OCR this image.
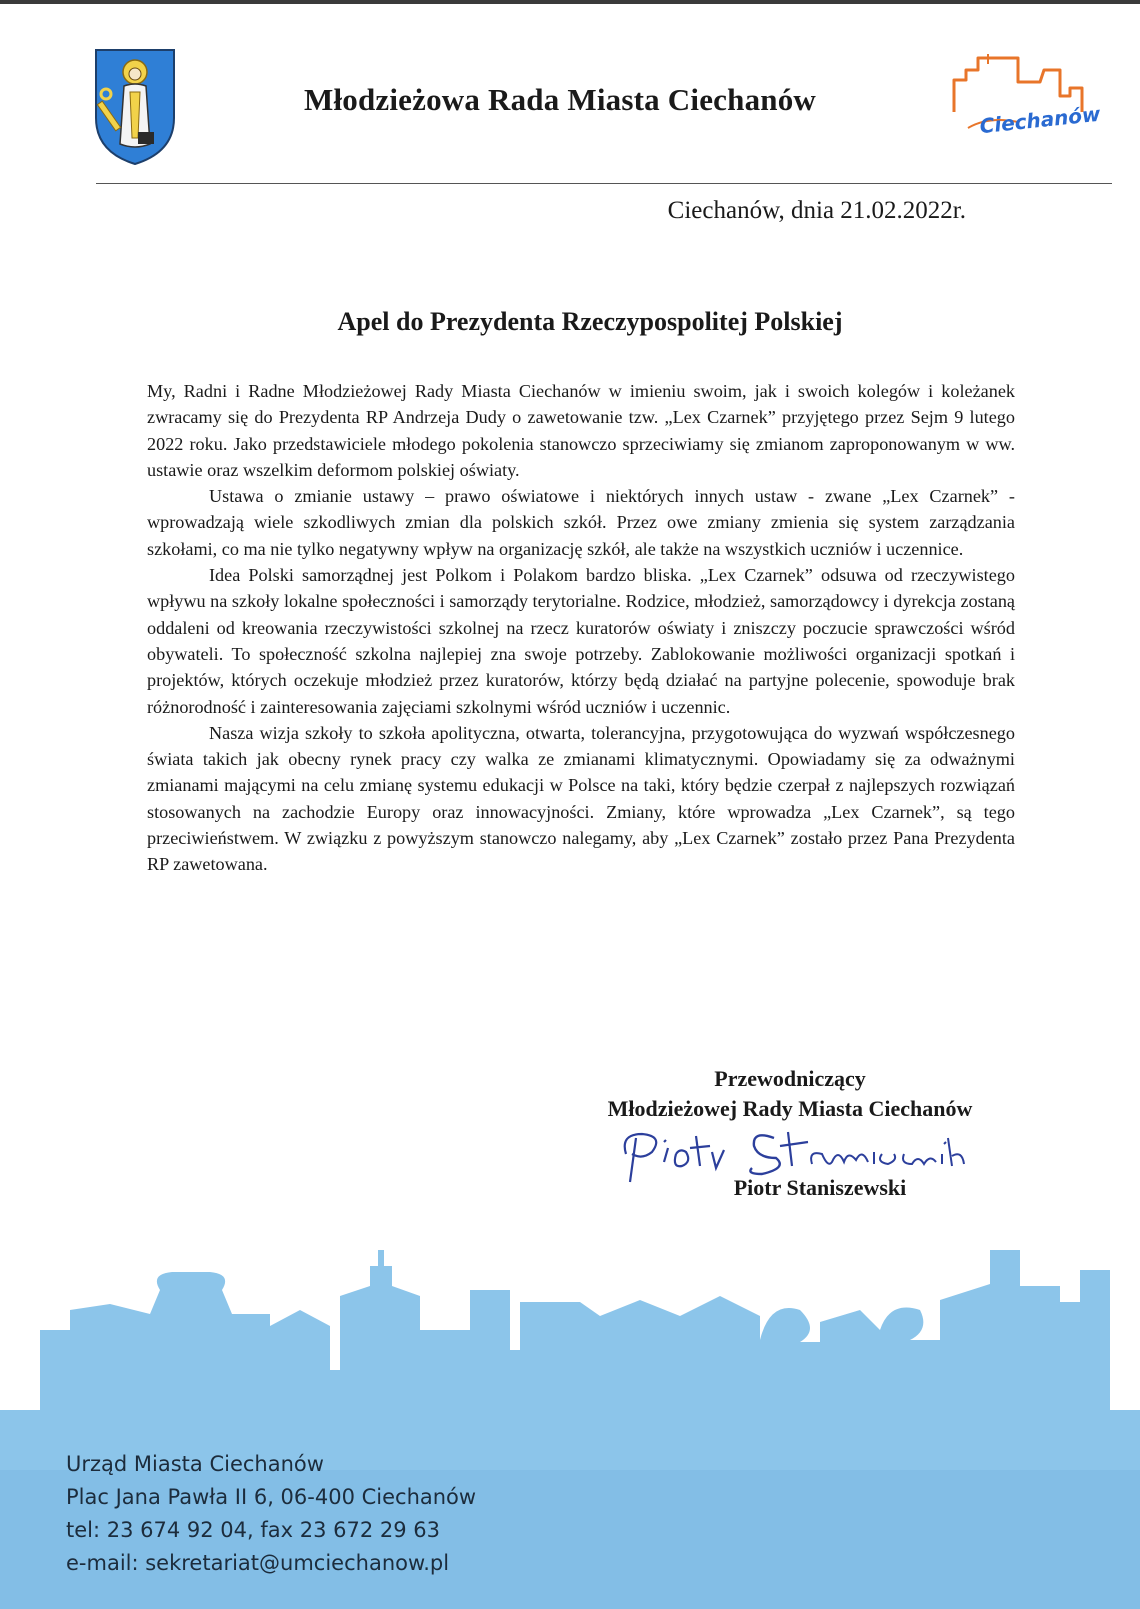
Młodzieżowa Rada Miasta Ciechanów
Ciechanów
Ciechanów, dnia 21.02.2022r.
Apel do Prezydenta Rzeczypospolitej Polskiej

My, Radni i Radne Młodzieżowej Rady Miasta Ciechanów w imieniu swoim, jak i swoich kolegów i koleżanek zwracamy się do Prezydenta RP Andrzeja Dudy o zawetowanie tzw. „Lex Czarnek” przyjętego przez Sejm 9 lutego 2022 roku. Jako przedstawiciele młodego pokolenia stanowczo sprzeciwiamy się zmianom zaproponowanym w ww. ustawie oraz wszelkim deformom polskiej oświaty.

Ustawa o zmianie ustawy – prawo oświatowe i niektórych innych ustaw - zwane „Lex Czarnek” - wprowadzają wiele szkodliwych zmian dla polskich szkół. Przez owe zmiany zmienia się system zarządzania szkołami, co ma nie tylko negatywny wpływ na organizację szkół, ale także na wszystkich uczniów i uczennice.

Idea Polski samorządnej jest Polkom i Polakom bardzo bliska. „Lex Czarnek” odsuwa od rzeczywistego wpływu na szkoły lokalne społeczności i samorządy terytorialne. Rodzice, młodzież, samorządowcy i dyrekcja zostaną oddaleni od kreowania rzeczywistości szkolnej na rzecz kuratorów oświaty i zniszczy poczucie sprawczości wśród obywateli. To społeczność szkolna najlepiej zna swoje potrzeby. Zablokowanie możliwości organizacji spotkań i projektów, których oczekuje młodzież przez kuratorów, którzy będą działać na partyjne polecenie, spowoduje brak różnorodność i zainteresowania zajęciami szkolnymi wśród uczniów i uczennic.

Nasza wizja szkoły to szkoła apolityczna, otwarta, tolerancyjna, przygotowująca do wyzwań współczesnego świata takich jak obecny rynek pracy czy walka ze zmianami klimatycznymi. Opowiadamy się za odważnymi zmianami mającymi na celu zmianę systemu edukacji w Polsce na taki, który będzie czerpał z najlepszych rozwiązań stosowanych na zachodzie Europy oraz innowacyjności. Zmiany, które wprowadza „Lex Czarnek”, są tego przeciwieństwem. W związku z powyższym stanowczo nalegamy, aby „Lex Czarnek” zostało przez Pana Prezydenta RP zawetowana.

Przewodniczący
Młodzieżowej Rady Miasta Ciechanów
Piotr Staniszewski
Urząd Miasta Ciechanów
Plac Jana Pawła II 6, 06-400 Ciechanów
tel: 23 674 92 04, fax 23 672 29 63
e-mail: sekretariat@umciechanow.pl
